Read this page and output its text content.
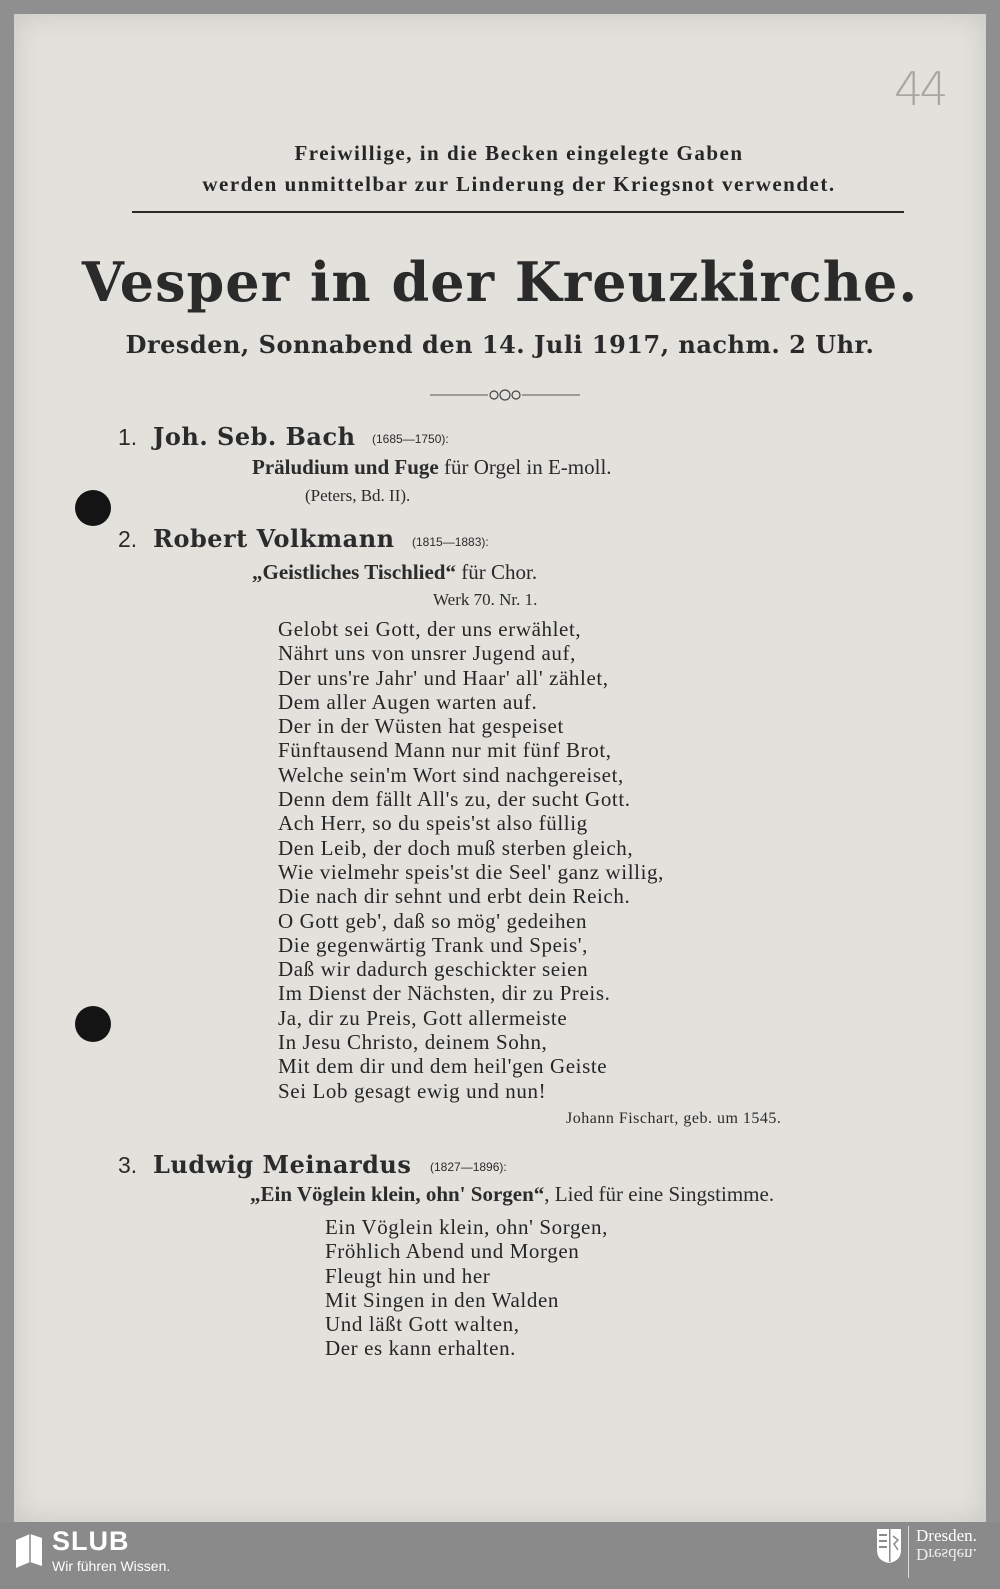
44
Freiwillige, in die Becken eingelegte Gaben
werden unmittelbar zur Linderung der Kriegsnot verwendet.
Vesper in der Kreuzkirche.
Dresden, Sonnabend den 14. Juli 1917, nachm. 2 Uhr.
1. Joh. Seb. Bach (1685—1750):
Präludium und Fuge für Orgel in E-moll.
(Peters, Bd. II).
2. Robert Volkmann (1815—1883):
„Geistliches Tischlied“ für Chor.
Werk 70. Nr. 1.
Gelobt sei Gott, der uns erwählet,
Nährt uns von unsrer Jugend auf,
Der uns're Jahr' und Haar' all' zählet,
Dem aller Augen warten auf.
Der in der Wüsten hat gespeiset
Fünftausend Mann nur mit fünf Brot,
Welche sein'm Wort sind nachgereiset,
Denn dem fällt All's zu, der sucht Gott.
Ach Herr, so du speis'st also füllig
Den Leib, der doch muß sterben gleich,
Wie vielmehr speis'st die Seel' ganz willig,
Die nach dir sehnt und erbt dein Reich.
O Gott geb', daß so mög' gedeihen
Die gegenwärtig Trank und Speis',
Daß wir dadurch geschickter seien
Im Dienst der Nächsten, dir zu Preis.
Ja, dir zu Preis, Gott allermeiste
In Jesu Christo, deinem Sohn,
Mit dem dir und dem heil'gen Geiste
Sei Lob gesagt ewig und nun!
Johann Fischart, geb. um 1545.
3. Ludwig Meinardus (1827—1896):
„Ein Vöglein klein, ohn' Sorgen“, Lied für eine Singstimme.
Ein Vöglein klein, ohn' Sorgen,
Fröhlich Abend und Morgen
Fleugt hin und her
Mit Singen in den Walden
Und läßt Gott walten,
Der es kann erhalten.
SLUB
Wir führen Wissen.
Dresden.
Dresden.
